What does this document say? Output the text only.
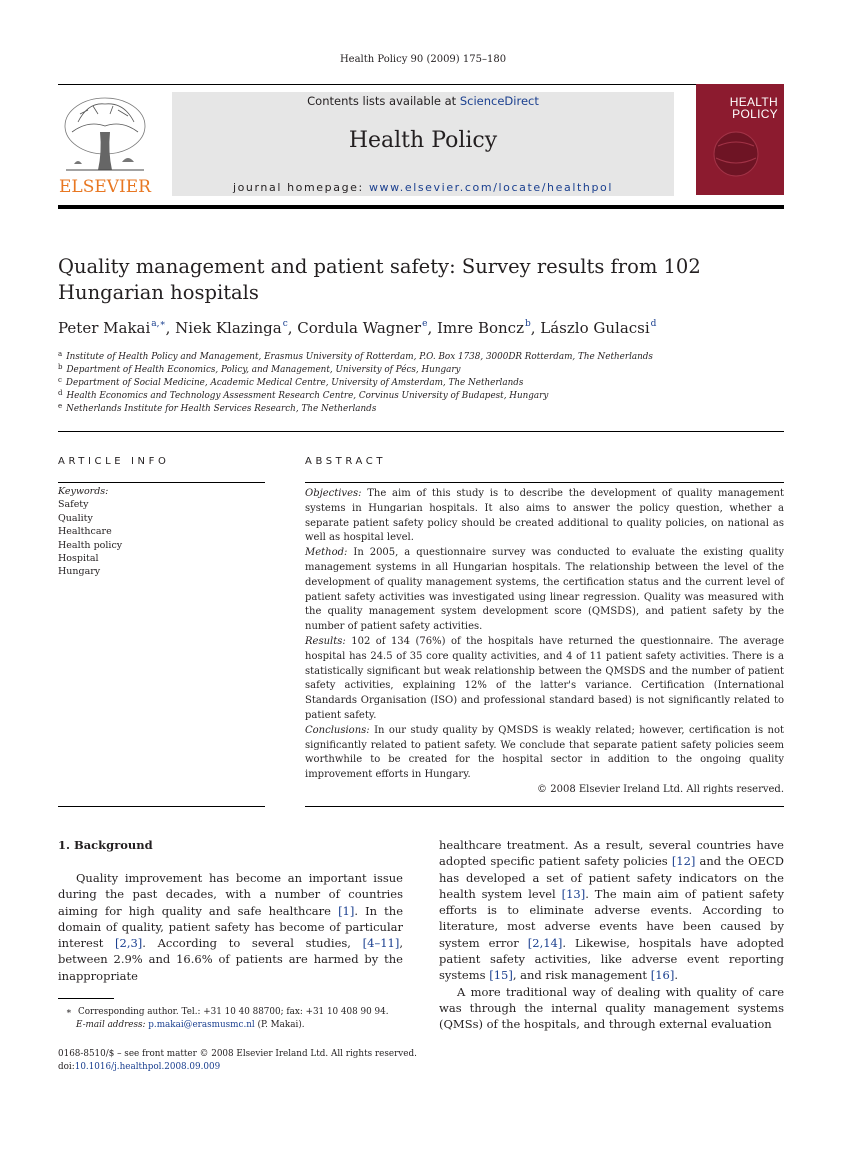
Health Policy 90 (2009) 175–180
ELSEVIER
Contents lists available at ScienceDirect
Health Policy
journal homepage: www.elsevier.com/locate/healthpol
HEALTH
POLICY
Quality management and patient safety: Survey results from 102 Hungarian hospitals
Peter Makai$^{a,∗}$, Niek Klazinga$^c$, Cordula Wagner$^e$, Imre Boncz$^b$, Lászlo Gulacsi$^d$
$^a$ Institute of Health Policy and Management, Erasmus University of Rotterdam, P.O. Box 1738, 3000DR Rotterdam, The Netherlands
$^b$ Department of Health Economics, Policy, and Management, University of Pécs, Hungary
$^c$ Department of Social Medicine, Academic Medical Centre, University of Amsterdam, The Netherlands
$^d$ Health Economics and Technology Assessment Research Centre, Corvinus University of Budapest, Hungary
$^e$ Netherlands Institute for Health Services Research, The Netherlands
ARTICLE INFO	ABSTRACT
Keywords:
Safety
Quality
Healthcare
Health policy
Hospital
Hungary

Objectives: The aim of this study is to describe the development of quality management systems in Hungarian hospitals. It also aims to answer the policy question, whether a separate patient safety policy should be created additional to quality policies, on national as well as hospital level.

Method: In 2005, a questionnaire survey was conducted to evaluate the existing quality management systems in all Hungarian hospitals. The relationship between the level of the development of quality management systems, the certification status and the current level of patient safety activities was investigated using linear regression. Quality was measured with the quality management system development score (QMSDS), and patient safety by the number of patient safety activities.

Results: 102 of 134 (76%) of the hospitals have returned the questionnaire. The average hospital has 24.5 of 35 core quality activities, and 4 of 11 patient safety activities. There is a statistically significant but weak relationship between the QMSDS and the number of patient safety activities, explaining 12% of the latter's variance. Certification (International Standards Organisation (ISO) and professional standard based) is not significantly related to patient safety.

Conclusions: In our study quality by QMSDS is weakly related; however, certification is not significantly related to patient safety. We conclude that separate patient safety policies seem worthwhile to be created for the hospital sector in addition to the ongoing quality improvement efforts in Hungary.

© 2008 Elsevier Ireland Ltd. All rights reserved.

1. Background

Quality improvement has become an important issue during the past decades, with a number of countries aiming for high quality and safe healthcare [1]. In the domain of quality, patient safety has become of particular interest [2,3]. According to several studies, [4–11], between 2.9% and 16.6% of patients are harmed by the inappropriate

healthcare treatment. As a result, several countries have adopted specific patient safety policies [12] and the OECD has developed a set of patient safety indicators on the health system level [13]. The main aim of patient safety efforts is to eliminate adverse events. According to literature, most adverse events have been caused by system error [2,14]. Likewise, hospitals have adopted patient safety activities, like adverse event reporting systems [15], and risk management [16].

A more traditional way of dealing with quality of care was through the internal quality management systems (QMSs) of the hospitals, and through external evaluation

∗ Corresponding author. Tel.: +31 10 40 88700; fax: +31 10 408 90 94.
E-mail address: p.makai@erasmusmc.nl (P. Makai).
0168-8510/$ – see front matter © 2008 Elsevier Ireland Ltd. All rights reserved.
doi:10.1016/j.healthpol.2008.09.009
